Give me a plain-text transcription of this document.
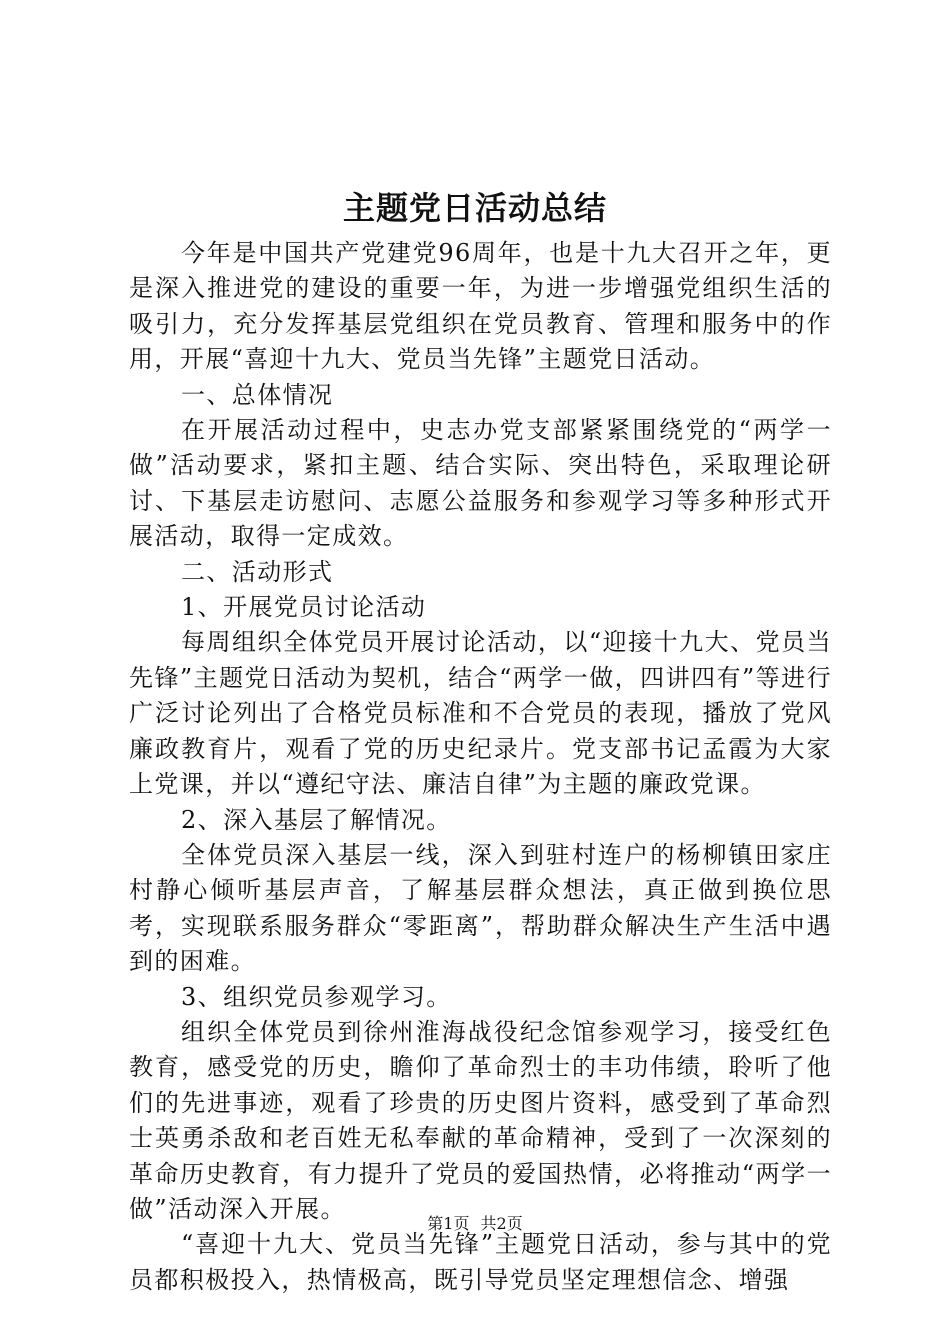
主题党日活动总结

今年是中国共产党建党96周年，也是十九大召开之年，更是深入推进党的建设的重要一年，为进一步增强党组织生活的吸引力，充分发挥基层党组织在党员教育、管理和服务中的作用，开展“喜迎十九大、党员当先锋”主题党日活动。

一、总体情况

在开展活动过程中，史志办党支部紧紧围绕党的“两学一做”活动要求，紧扣主题、结合实际、突出特色，采取理论研讨、下基层走访慰问、志愿公益服务和参观学习等多种形式开展活动，取得一定成效。

二、活动形式

1、开展党员讨论活动

每周组织全体党员开展讨论活动，以“迎接十九大、党员当先锋”主题党日活动为契机，结合“两学一做，四讲四有”等进行广泛讨论列出了合格党员标准和不合党员的表现，播放了党风廉政教育片，观看了党的历史纪录片。党支部书记孟霞为大家上党课，并以“遵纪守法、廉洁自律”为主题的廉政党课。

2、深入基层了解情况。

全体党员深入基层一线，深入到驻村连户的杨柳镇田家庄村静心倾听基层声音，了解基层群众想法，真正做到换位思考，实现联系服务群众“零距离”，帮助群众解决生产生活中遇到的困难。

3、组织党员参观学习。

组织全体党员到徐州淮海战役纪念馆参观学习，接受红色教育，感受党的历史，瞻仰了革命烈士的丰功伟绩，聆听了他们的先进事迹，观看了珍贵的历史图片资料，感受到了革命烈士英勇杀敌和老百姓无私奉献的革命精神，受到了一次深刻的革命历史教育，有力提升了党员的爱国热情，必将推动“两学一做”活动深入开展。

“喜迎十九大、党员当先锋”主题党日活动，参与其中的党员都积极投入，热情极高，既引导党员坚定理想信念、增强

第1页 共2页
